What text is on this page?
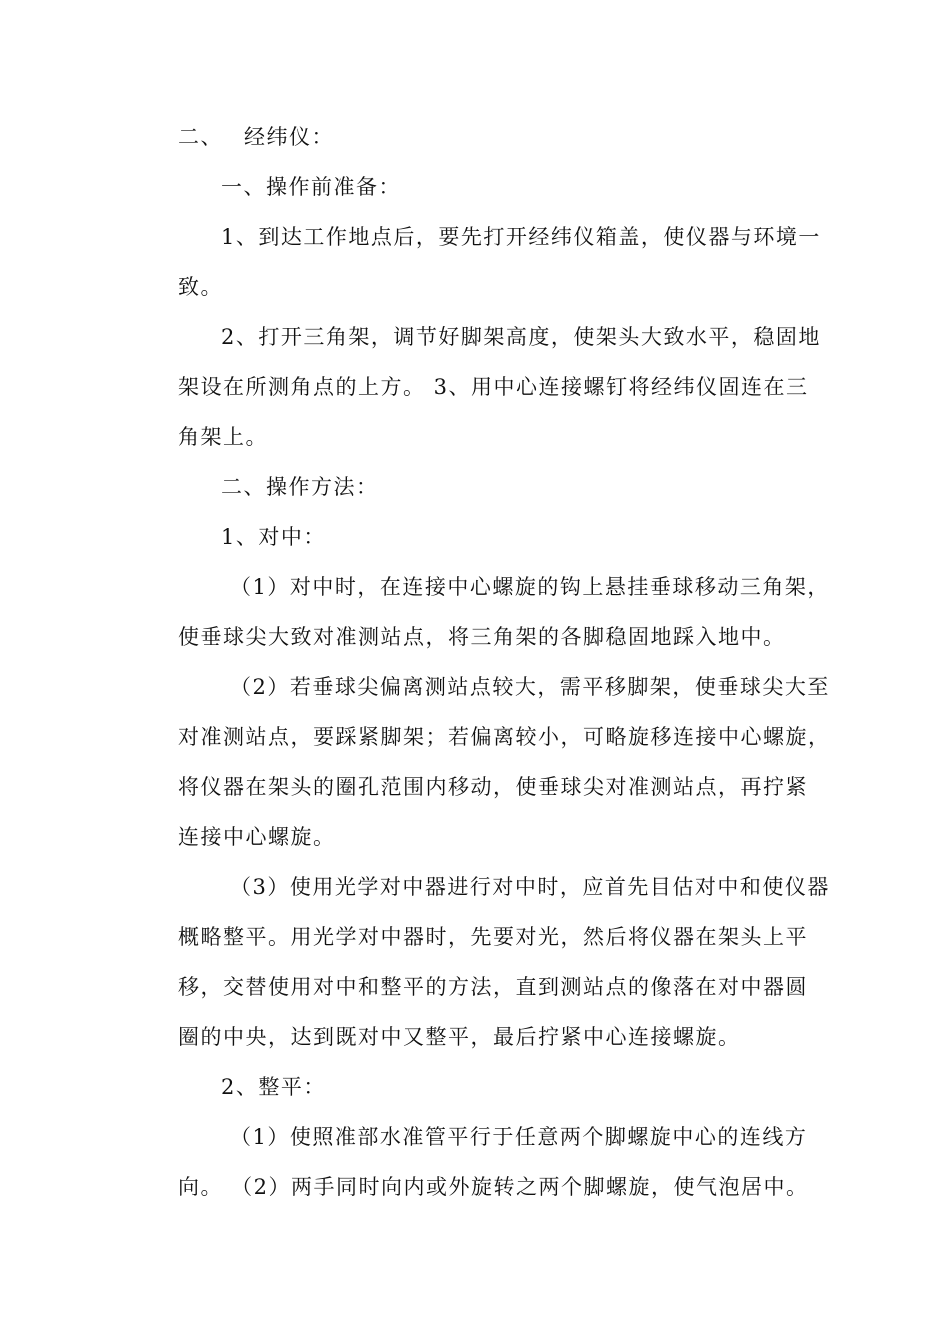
二、 经纬仪：
一、操作前准备：
1、到达工作地点后，要先打开经纬仪箱盖，使仪器与环境一
致。
2、打开三角架，调节好脚架高度，使架头大致水平，稳固地
架设在所测角点的上方。 3、用中心连接螺钉将经纬仪固连在三
角架上。
二、操作方法：
1、对中：
（1）对中时，在连接中心螺旋的钩上悬挂垂球移动三角架，
使垂球尖大致对准测站点，将三角架的各脚稳固地踩入地中。
（2）若垂球尖偏离测站点较大，需平移脚架，使垂球尖大至
对准测站点，要踩紧脚架；若偏离较小，可略旋移连接中心螺旋，
将仪器在架头的圈孔范围内移动，使垂球尖对准测站点，再拧紧
连接中心螺旋。
（3）使用光学对中器进行对中时，应首先目估对中和使仪器
概略整平。用光学对中器时，先要对光，然后将仪器在架头上平
移，交替使用对中和整平的方法，直到测站点的像落在对中器圆
圈的中央，达到既对中又整平，最后拧紧中心连接螺旋。
2、整平：
（1）使照准部水准管平行于任意两个脚螺旋中心的连线方
向。 （2）两手同时向内或外旋转之两个脚螺旋，使气泡居中。
